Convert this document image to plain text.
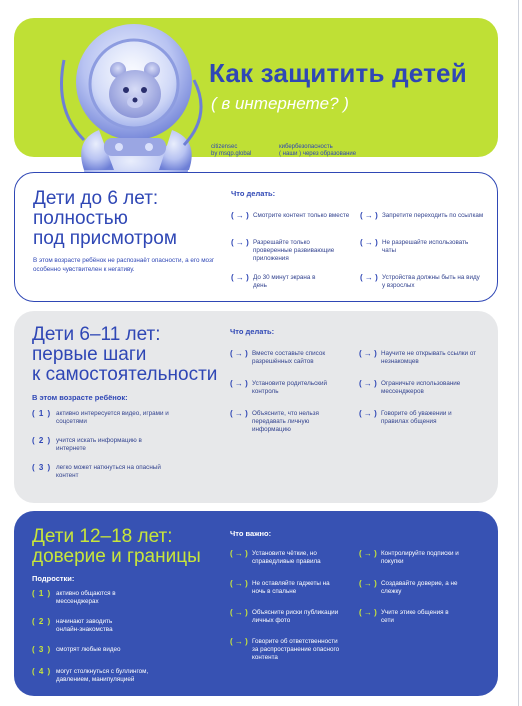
Как защитить детей
( в интернете? )
citizensec
by msqp.global
кибербезопасность
( наши ) через образование
Дети до 6 лет:
полностью
под присмотром

В этом возрасте ребёнок не распознаёт опасности, а его мозг особенно чувствителен к негативу.

Что делать:
( → ) Смотрите контент только вместе	( → ) Запретите переходить по ссылкам
( → ) Разрешайте только проверенные развивающие приложения
( → ) Не разрешайте использовать чаты
( → ) До 30 минут экрана в день
( → ) Устройства должны быть на виду у взрослых
Дети 6–11 лет:
первые шаги
к самостоятельности
В этом возрасте ребёнок:
( 1 ) активно интересуется видео, играми и соцсетями
( 2 ) учится искать информацию в интернете
( 3 ) легко может наткнуться на опасный контент
Что делать:
( → ) Вместе составьте список разрешённых сайтов
( → ) Научите не открывать ссылки от незнакомцев
( → ) Установите родительский контроль
( → ) Ограничьте использование мессенджеров
( → ) Объясните, что нельзя передавать личную информацию
( → ) Говорите об уважении и правилах общения
Дети 12–18 лет:
доверие и границы
Подростки:
( 1 ) активно общаются в мессенджерах
( 2 ) начинают заводить онлайн-знакомства
( 3 ) смотрят любые видео
( 4 ) могут столкнуться с буллингом, давлением, манипуляцией
Что важно:
( → ) Установите чёткие, но справедливые правила
( → ) Контролируйте подписки и покупки
( → ) Не оставляйте гаджеты на ночь в спальне
( → ) Создавайте доверие, а не слежку
( → ) Объясните риски публикации личных фото
( → ) Учите этике общения в сети
( → ) Говорите об ответственности за распространение опасного контента
